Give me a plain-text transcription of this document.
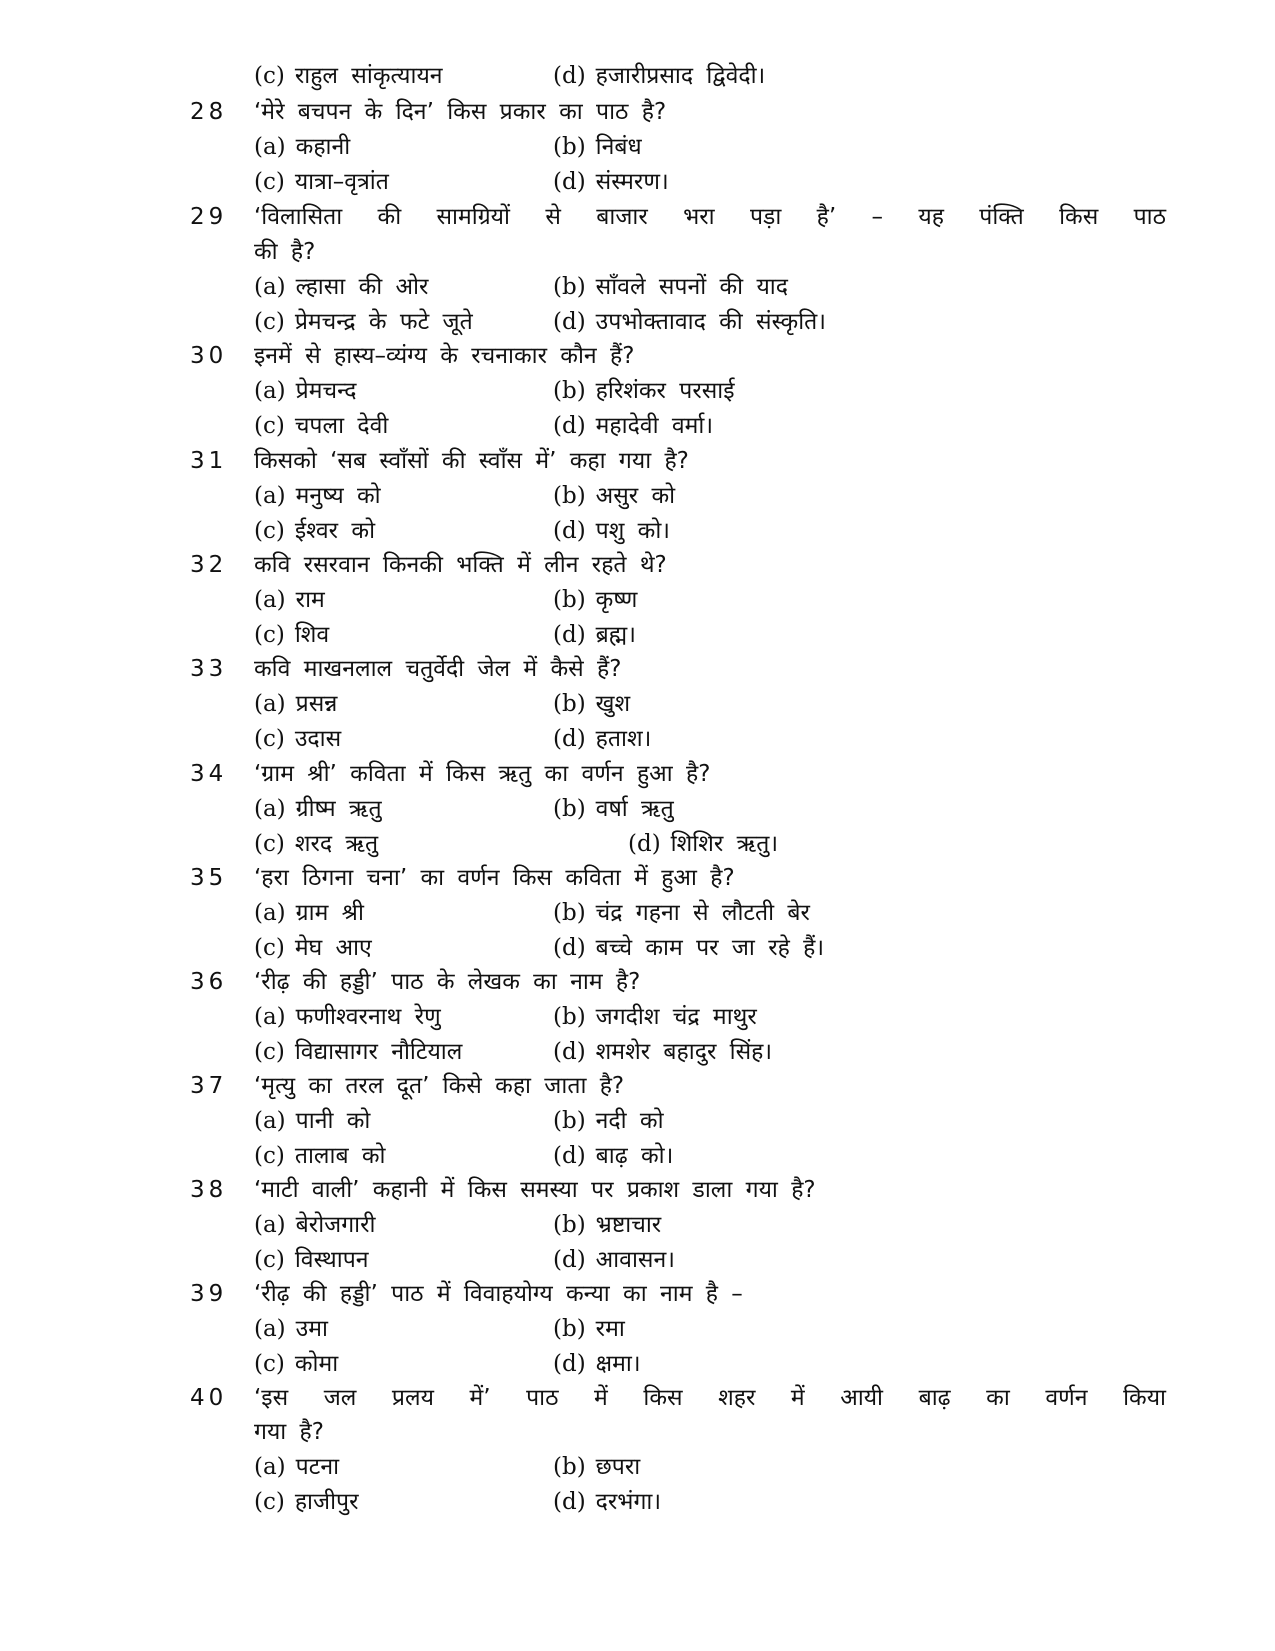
(c) राहुल सांकृत्यायन	(d) हजारीप्रसाद द्विवेदी।
28 ‘मेरे बचपन के दिन’ किस प्रकार का पाठ है?
(a) कहानी	(b) निबंध
(c) यात्रा–वृत्रांत	(d) संस्मरण।
29 ‘विलासिता की सामग्रियों से बाजार भरा पड़ा है’ – यह पंक्ति किस पाठ
की है?
(a) ल्हासा की ओर	(b) साँवले सपनों की याद
(c) प्रेमचन्द्र के फटे जूते	(d) उपभोक्तावाद की संस्कृति।
30 इनमें से हास्य–व्यंग्य के रचनाकार कौन हैं?
(a) प्रेमचन्द	(b) हरिशंकर परसाई
(c) चपला देवी	(d) महादेवी वर्मा।
31 किसको ‘सब स्वाँसों की स्वाँस में’ कहा गया है?
(a) मनुष्य को	(b) असुर को
(c) ईश्वर को	(d) पशु को।
32 कवि रसरवान किनकी भक्ति में लीन रहते थे?
(a) राम	(b) कृष्ण
(c) शिव	(d) ब्रह्म।
33 कवि माखनलाल चतुर्वेदी जेल में कैसे हैं?
(a) प्रसन्न	(b) खुश
(c) उदास	(d) हताश।
34 ‘ग्राम श्री’ कविता में किस ऋतु का वर्णन हुआ है?
(a) ग्रीष्म ऋतु	(b) वर्षा ऋतु
(c) शरद ऋतु	(d) शिशिर ऋतु।
35 ‘हरा ठिगना चना’ का वर्णन किस कविता में हुआ है?
(a) ग्राम श्री	(b) चंद्र गहना से लौटती बेर
(c) मेघ आए	(d) बच्चे काम पर जा रहे हैं।
36 ‘रीढ़ की हड्डी’ पाठ के लेखक का नाम है?
(a) फणीश्वरनाथ रेणु	(b) जगदीश चंद्र माथुर
(c) विद्यासागर नौटियाल	(d) शमशेर बहादुर सिंह।
37 ‘मृत्यु का तरल दूत’ किसे कहा जाता है?
(a) पानी को	(b) नदी को
(c) तालाब को	(d) बाढ़ को।
38 ‘माटी वाली’ कहानी में किस समस्या पर प्रकाश डाला गया है?
(a) बेरोजगारी	(b) भ्रष्टाचार
(c) विस्थापन	(d) आवासन।
39 ‘रीढ़ की हड्डी’ पाठ में विवाहयोग्य कन्या का नाम है –
(a) उमा	(b) रमा
(c) कोमा	(d) क्षमा।
40 ‘इस जल प्रलय में’ पाठ में किस शहर में आयी बाढ़ का वर्णन किया
गया है?
(a) पटना	(b) छपरा
(c) हाजीपुर	(d) दरभंगा।
